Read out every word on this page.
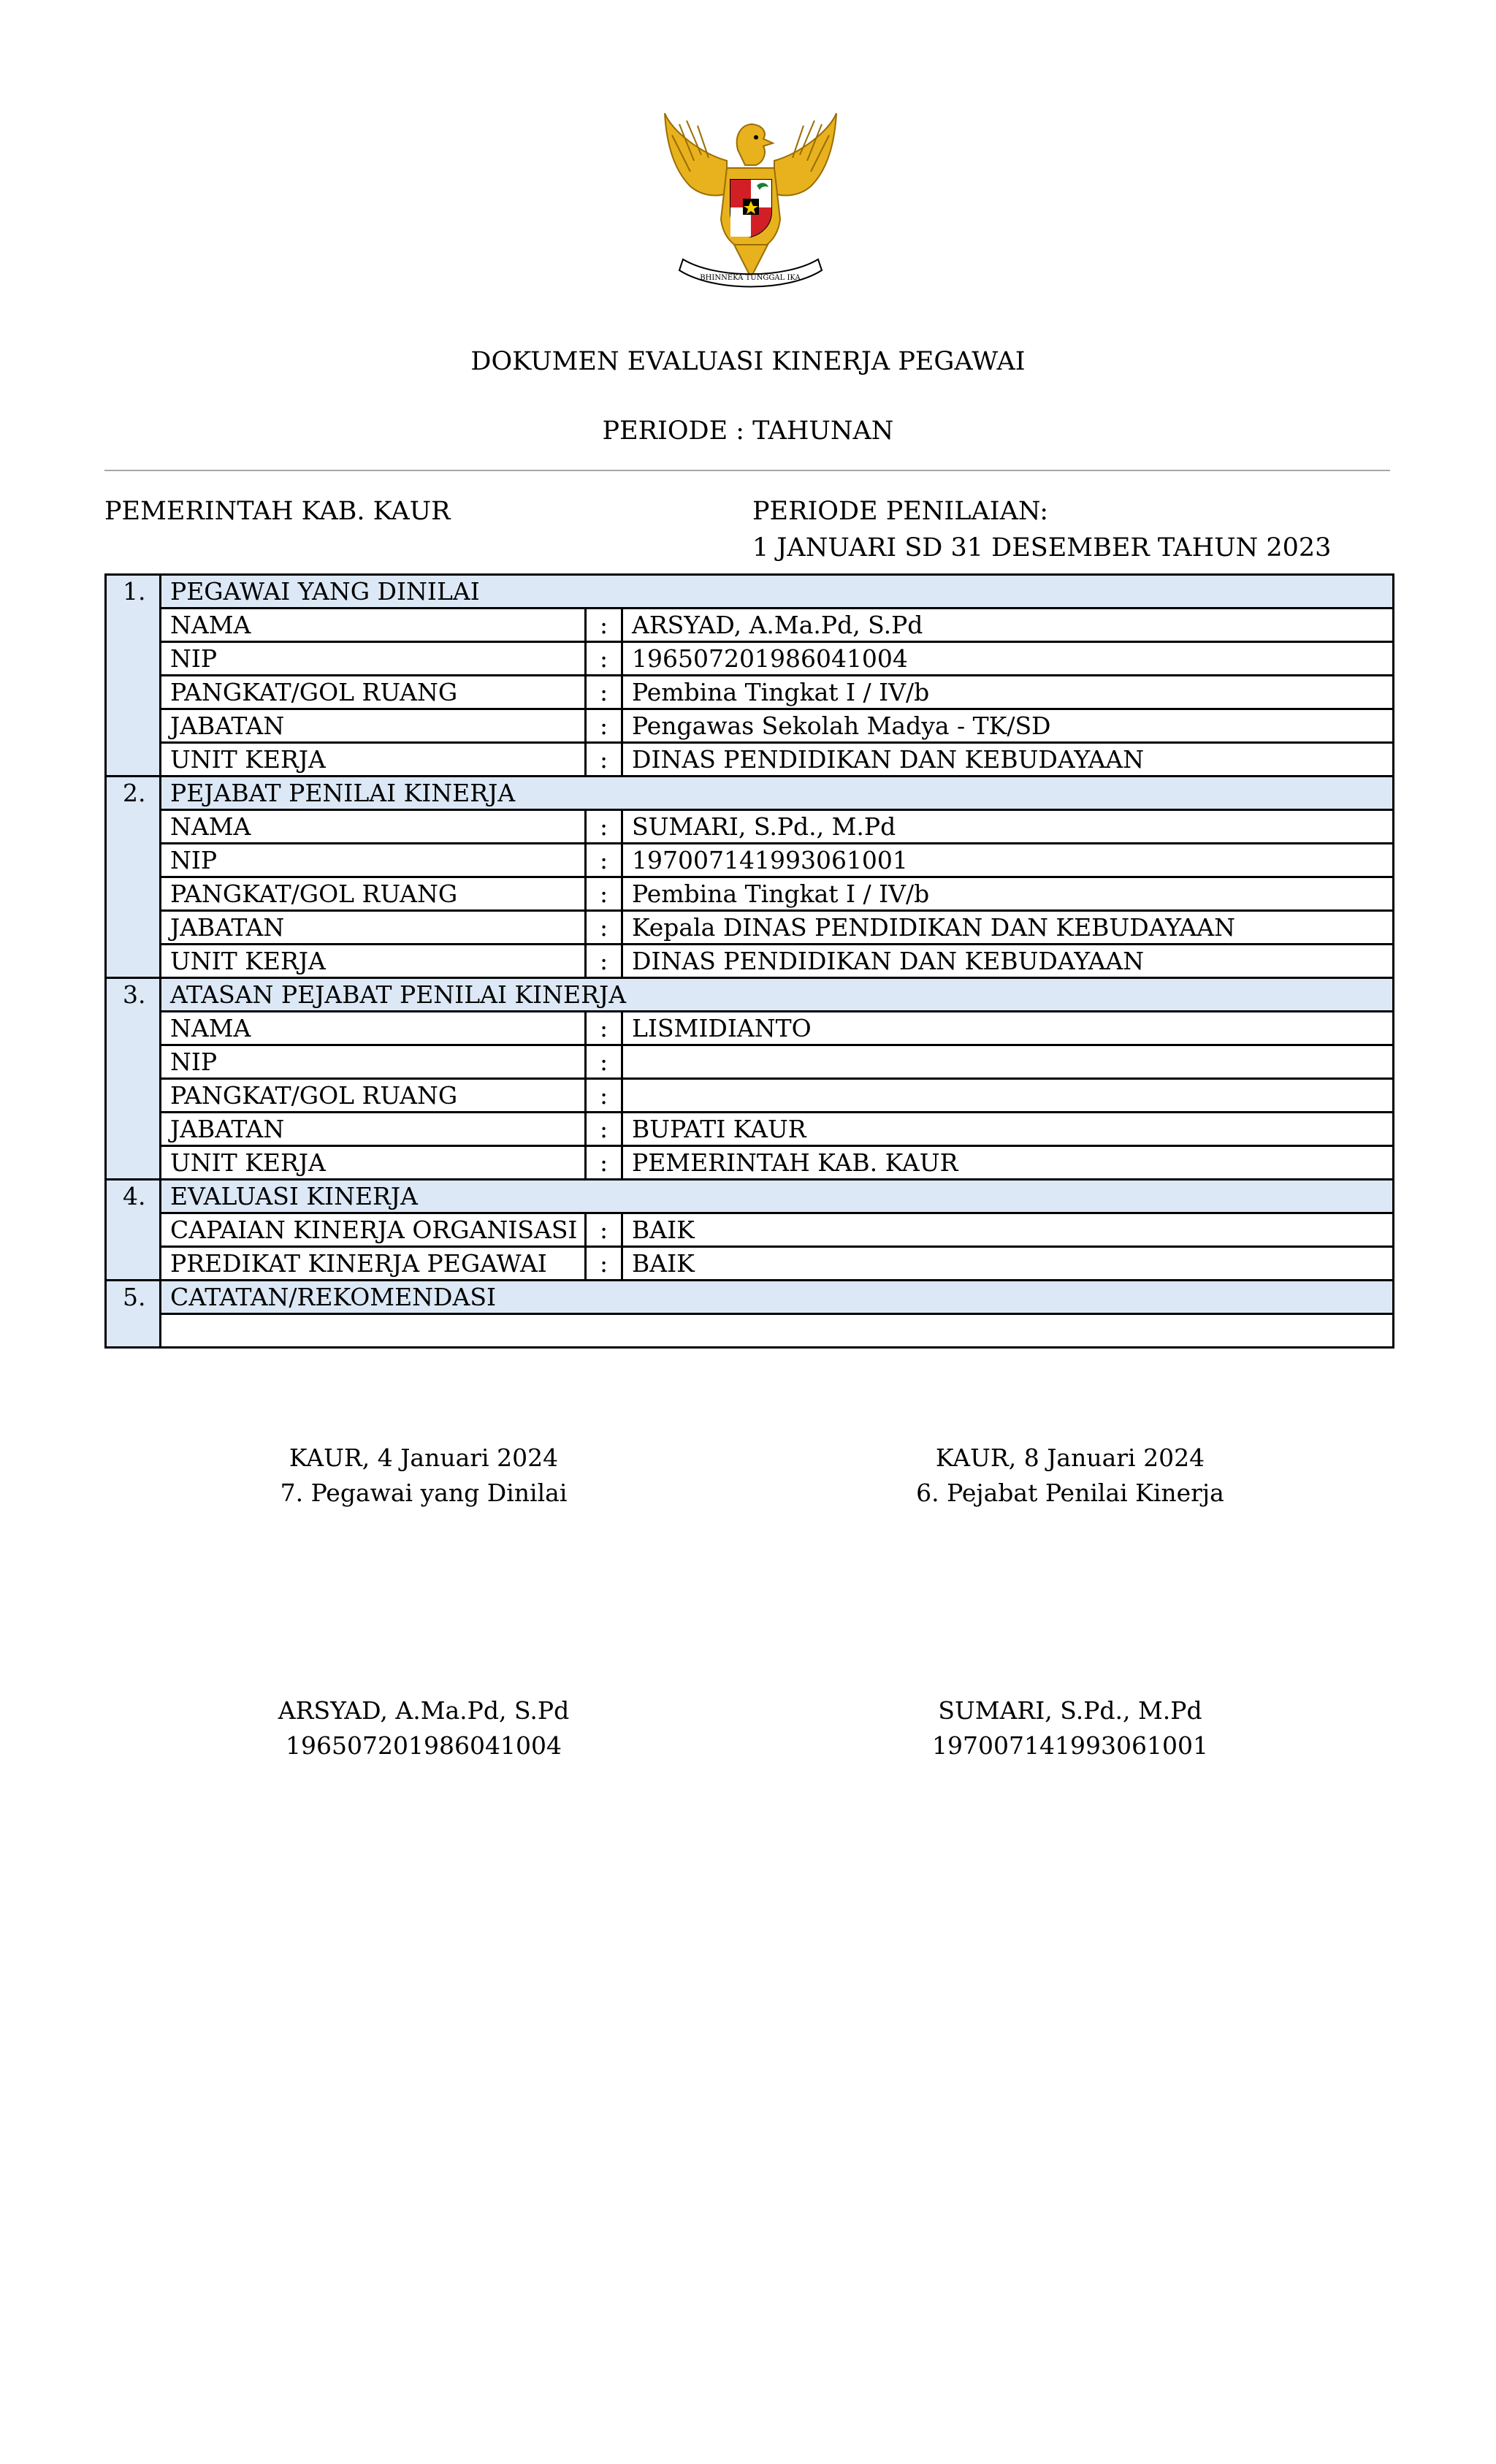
BHINNEKA TUNGGAL IKA
DOKUMEN EVALUASI KINERJA PEGAWAI
PERIODE : TAHUNAN
PEMERINTAH KAB. KAUR	PERIODE PENILAIAN:
1 JANUARI SD 31 DESEMBER TAHUN 2023
1.	PEGAWAI YANG DINILAI		
	NAMA	:	ARSYAD, A.Ma.Pd, S.Pd
	NIP	:	196507201986041004
	PANGKAT/GOL RUANG	:	Pembina Tingkat I / IV/b
	JABATAN	:	Pengawas Sekolah Madya - TK/SD
	UNIT KERJA	:	DINAS PENDIDIKAN DAN KEBUDAYAAN
2.	PEJABAT PENILAI KINERJA		
	NAMA	:	SUMARI, S.Pd., M.Pd
	NIP	:	197007141993061001
	PANGKAT/GOL RUANG	:	Pembina Tingkat I / IV/b
	JABATAN	:	Kepala DINAS PENDIDIKAN DAN KEBUDAYAAN
	UNIT KERJA	:	DINAS PENDIDIKAN DAN KEBUDAYAAN
3.	ATASAN PEJABAT PENILAI KINERJA		
	NAMA	:	LISMIDIANTO
	NIP	:	
	PANGKAT/GOL RUANG	:	
	JABATAN	:	BUPATI KAUR
	UNIT KERJA	:	PEMERINTAH KAB. KAUR
4.	EVALUASI KINERJA		
	CAPAIAN KINERJA ORGANISASI	:	BAIK
	PREDIKAT KINERJA PEGAWAI	:	BAIK
5.	CATATAN/REKOMENDASI		

KAUR, 4 Januari 2024
7. Pegawai yang Dinilai
KAUR, 8 Januari 2024
6. Pejabat Penilai Kinerja
ARSYAD, A.Ma.Pd, S.Pd
196507201986041004
SUMARI, S.Pd., M.Pd
197007141993061001
